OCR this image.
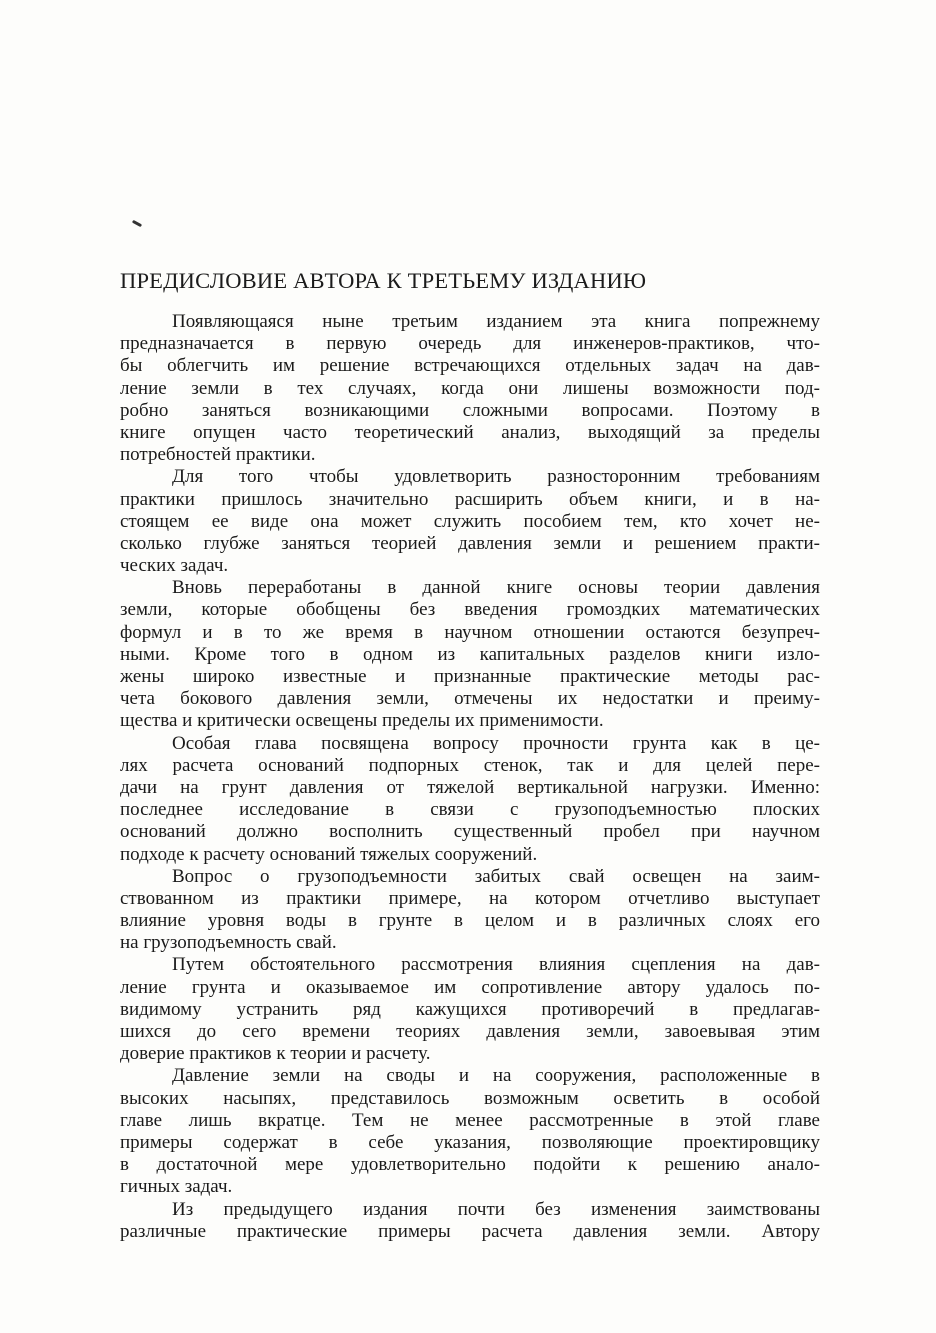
ПРЕДИСЛОВИЕ АВТОРА К ТРЕТЬЕМУ ИЗДАНИЮ
Появляющаяся ныне третьим изданием эта книга попрежнему
предназначается в первую очередь для инженеров-практиков, что-
бы облегчить им решение встречающихся отдельных задач на дав-
ление земли в тех случаях, когда они лишены возможности под-
робно заняться возникающими сложными вопросами. Поэтому в
книге опущен часто теоретический анализ, выходящий за пределы
потребностей практики.
Для того чтобы удовлетворить разносторонним требованиям
практики пришлось значительно расширить объем книги, и в на-
стоящем ее виде она может служить пособием тем, кто хочет не-
сколько глубже заняться теорией давления земли и решением практи-
ческих задач.
Вновь переработаны в данной книге основы теории давления
земли, которые обобщены без введения громоздких математических
формул и в то же время в научном отношении остаются безупреч-
ными. Кроме того в одном из капитальных разделов книги изло-
жены широко известные и признанные практические методы рас-
чета бокового давления земли, отмечены их недостатки и преиму-
щества и критически освещены пределы их применимости.
Особая глава посвящена вопросу прочности грунта как в це-
лях расчета оснований подпорных стенок, так и для целей пере-
дачи на грунт давления от тяжелой вертикальной нагрузки. Именно:
последнее исследование в связи с грузоподъемностью плоских
оснований должно восполнить существенный пробел при научном
подходе к расчету оснований тяжелых сооружений.
Вопрос о грузоподъемности забитых свай освещен на заим-
ствованном из практики примере, на котором отчетливо выступает
влияние уровня воды в грунте в целом и в различных слоях его
на грузоподъемность свай.
Путем обстоятельного рассмотрения влияния сцепления на дав-
ление грунта и оказываемое им сопротивление автору удалось по-
видимому устранить ряд кажущихся противоречий в предлагав-
шихся до сего времени теориях давления земли, завоевывая этим
доверие практиков к теории и расчету.
Давление земли на своды и на сооружения, расположенные в
высоких насыпях, представилось возможным осветить в особой
главе лишь вкратце. Тем не менее рассмотренные в этой главе
примеры содержат в себе указания, позволяющие проектировщику
в достаточной мере удовлетворительно подойти к решению анало-
гичных задач.
Из предыдущего издания почти без изменения заимствованы
различные практические примеры расчета давления земли. Автору
